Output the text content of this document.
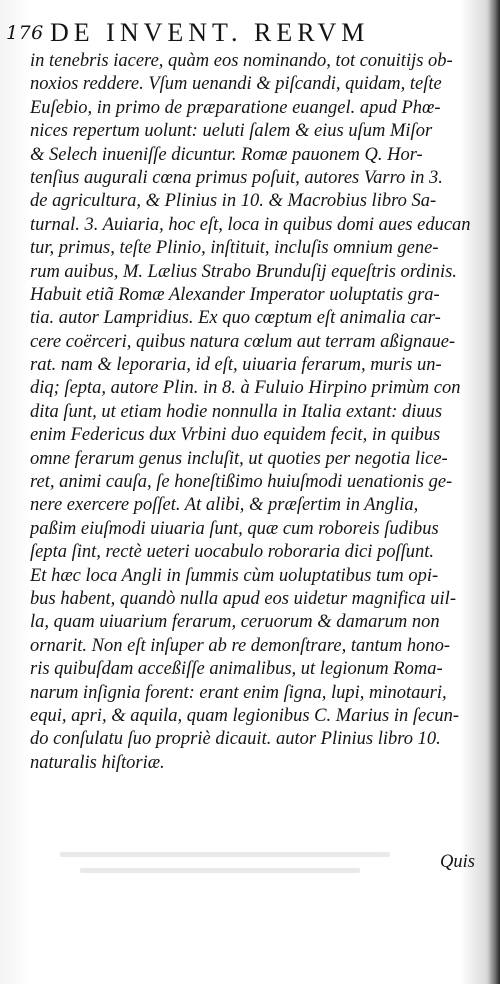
176 DE INVENT. RERVM
in tenebris iacere, quàm eos nominando, tot conuitijs ob-
noxios reddere. Vſum uenandi & piſcandi, quidam, teſte
Euſebio, in primo de præparatione euangel. apud Phœ-
nices repertum uolunt: ueluti ſalem & eius uſum Miſor
& Selech inueniſſe dicuntur. Romæ pauonem Q. Hor-
tenſius augurali cœna primus poſuit, autores Varro in 3.
de agricultura, & Plinius in 10. & Macrobius libro Sa-
turnal. 3. Auiaria, hoc eſt, loca in quibus domi aues educan
tur, primus, teſte Plinio, inſtituit, incluſis omnium gene-
rum auibus, M. Lælius Strabo Brunduſij equeſtris ordinis.
Habuit etiã Romæ Alexander Imperator uoluptatis gra-
tia. autor Lampridius. Ex quo cœptum eſt animalia car-
cere coërceri, quibus natura cœlum aut terram aßignaue-
rat. nam & leporaria, id eſt, uiuaria ferarum, muris un-
diq; ſepta, autore Plin. in 8. à Fuluio Hirpino primùm con
dita ſunt, ut etiam hodie nonnulla in Italia extant: diuus
enim Federicus dux Vrbini duo equidem fecit, in quibus
omne ferarum genus incluſit, ut quoties per negotia lice-
ret, animi cauſa, ſe honeſtißimo huiuſmodi uenationis ge-
nere exercere poſſet. At alibi, & præſertim in Anglia,
paßim eiuſmodi uiuaria ſunt, quæ cum roboreis ſudibus
ſepta ſint, rectè ueteri uocabulo roboraria dici poſſunt.
Et hæc loca Angli in ſummis cùm uoluptatibus tum opi-
bus habent, quandò nulla apud eos uidetur magnifica uil-
la, quam uiuarium ferarum, ceruorum & damarum non
ornarit. Non eſt inſuper ab re demonſtrare, tantum hono-
ris quibuſdam acceßiſſe animalibus, ut legionum Roma-
narum inſignia forent: erant enim ſigna, lupi, minotauri,
equi, apri, & aquila, quam legionibus C. Marius in ſecun-
do conſulatu ſuo propriè dicauit. autor Plinius libro 10.
naturalis hiſtoriæ.
Quis
